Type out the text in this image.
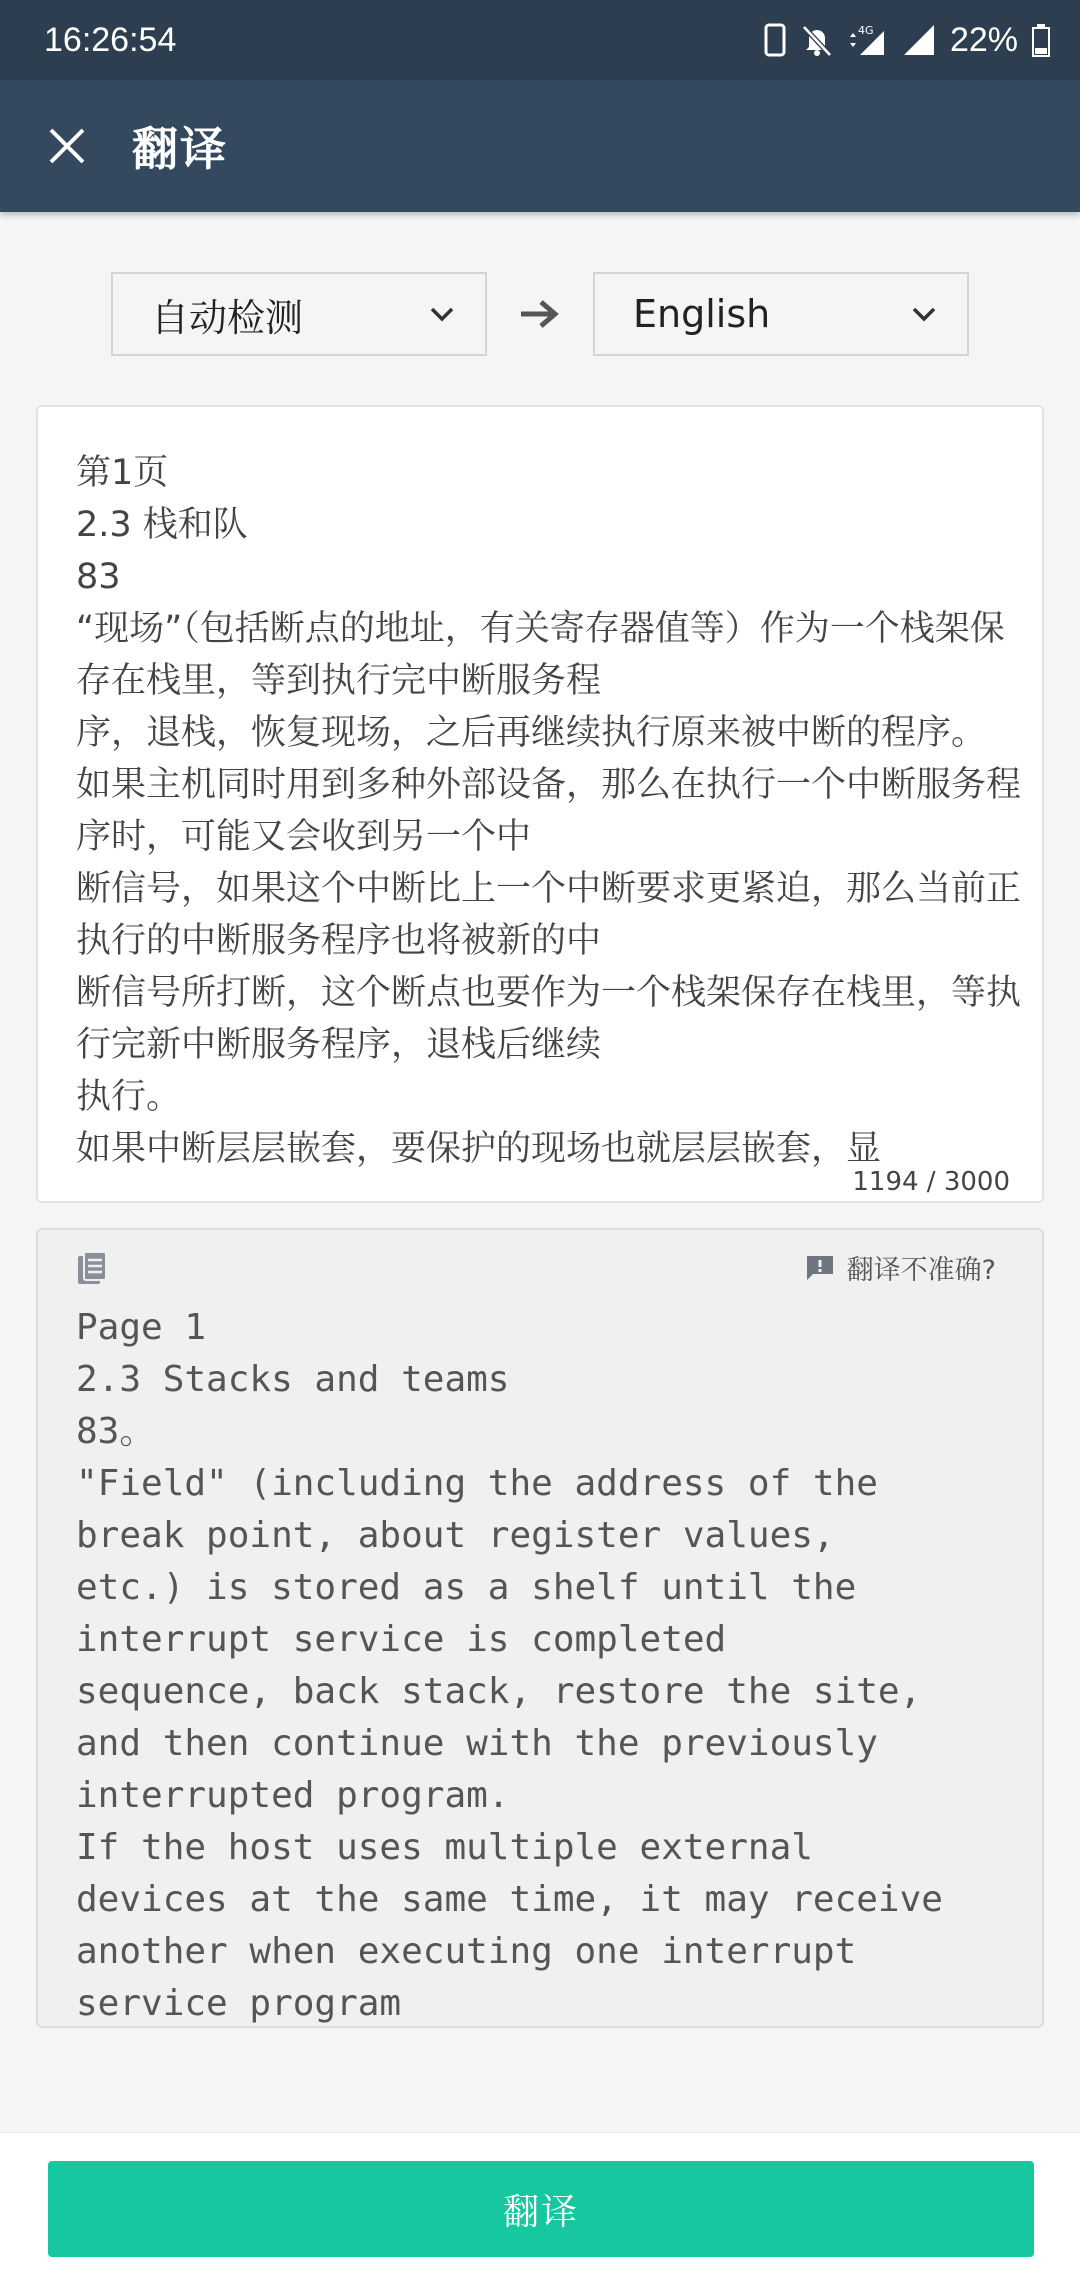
16:26:54	4G 22%
翻译
自动检测	English
第1页
2.3 栈和队
83
“现场”（包括断点的地址，有关寄存器值等）作为一个栈架保存在栈里，等到执行完中断服务程
序，退栈，恢复现场，之后再继续执行原来被中断的程序。
如果主机同时用到多种外部设备，那么在执行一个中断服务程序时，可能又会收到另一个中
断信号，如果这个中断比上一个中断要求更紧迫，那么当前正执行的中断服务程序也将被新的中
断信号所打断，这个断点也要作为一个栈架保存在栈里，等执行完新中断服务程序，退栈后继续
执行。
如果中断层层嵌套，要保护的现场也就层层嵌套，显
1194 / 3000
翻译不准确?
Page 1
2.3 Stacks and teams
83。
"Field" (including the address of the
break point, about register values,
etc.) is stored as a shelf until the
interrupt service is completed
sequence, back stack, restore the site,
and then continue with the previously
interrupted program.
If the host uses multiple external
devices at the same time, it may receive
another when executing one interrupt
service program
翻译
